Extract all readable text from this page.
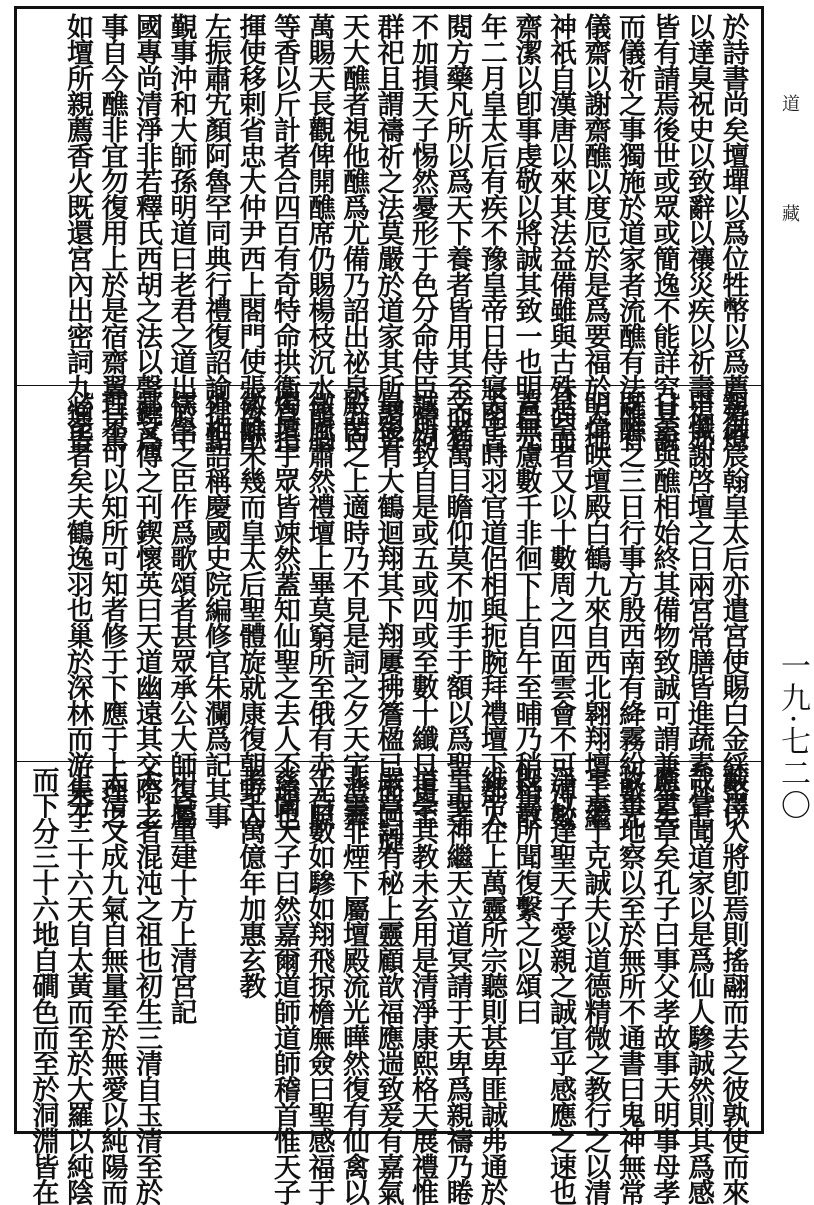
於詩書尚矣壇墠以爲位牲幣以爲薦羞燎
以達臭祝史以致辭以禳災疾以祈壽福亦
皆有請焉後世或眾或簡逸不能詳究其說
而儀祈之事獨施於道家者流醮有法醮有
儀齋以謝齋醮以度厄於是爲要福於天地
神祇自漢唐以來其法益備雖與古殊尚而
齋潔以卽事虔敬以將誠其致一也明昌元
年二月皇太后有疾不豫皇帝日侍寢閣旨
閱方藥凡所以爲天下養者皆用其至而猶
不加損天子惕然憂形于色分命侍臣禱祠
群祀且謂禱祈之法莫嚴於道家其所謂普
天大醮者視他醮爲尤備乃詔出祕泉五百
萬賜天長觀俾開醮席仍賜楊枝沉水龍腦
等香以斤計者合四百有奇特命拱衞直指
揮使移剌省忠大仲尹西上閤門使張汝猷
左振肅宄顏阿魯罕同典行禮復詔諭提點
覲事沖和大師孫明道曰老君之道出於中
國專尚清淨非若釋氏西胡之法以聲鐃爲
事自今醮非宜勿復用上於是宿齋翼日駕
如壇所親薦香火既還宮內出密詞九通皆
親御宸翰皇太后亦遣宮使賜白金綵幣以
申懺謝啓壇之日兩宮常膳皆進蔬素凡七
日蓋與醮相始終其備物致誠可謂兼舉矣
既醮之三日行事方殷西南有絳霧紛數光
明煒映壇殿白鶴九來自西北翱翔壇上繼
是至者又以十數周之四面雲會不可殫數
蓋無慮數千非徊下上自午至晡乃稍稍散
去于時羽官道侶相與扼腕拜禮壇下都人
父老萬目瞻仰莫不加手于額以爲聖上孝
誠所致自是或五或四或至數十纖日更至
最後有大鶴迴翔其下翔屢拂簷楹已而回旋
殿閣之上適時乃不見是詞之夕天宇澄霽
微風肅然禮壇上畢莫窮所至俄有赤光照
燭壇宇眾皆竦然蓋知仙聖之去人不遠也
徽醮未幾而皇太后聖體旋就康復朝野內
外相語稱慶國史院編修官朱瀾爲記其事
儒學之臣作爲歌頌者甚眾承公大師復屬
鄙文傳之刊鍥懷英曰天道幽遠其交際之
理不可以知所可知者修于下應于上理之
必至者矣夫鶴逸羽也巢於深林而游集于
藪澤人將卽焉則搖翮而去之彼孰使而來
哉嘗聞道家以是爲仙人驂誠然則其爲感
應章章矣孔子曰事父孝故事天明事母孝
故事地察以至於無所不通書曰鬼神無常
享享于克誠夫以道德精微之教行之以清
淨以達聖天子愛親之誠宜乎感應之速也
既書所聞復繫之以頌曰
維帝在上萬靈所宗聽則甚卑匪誠弗通於
皇聖神繼天立道冥請于天卑爲親禱乃睠
道學其教未玄用是清淨康熙格天展禮惟
嚴章詞有秘上靈顧歆福應遄致爰有嘉氣
非雲非煙下屬壇殿流光曄然復有仙禽以
千百數如驂如翔飛掠檐廡僉曰聖感福于
慈闈天子曰然嘉爾道師道師稽首惟天子
孝千萬億年加惠玄教
中京重建十方上清宮記
太上者混沌之祖也初生三清自玉清至於
太清又成九氣自無量至於無愛以純陽而
上分三十六天自太黃而至於大羅以純陰
而下分三十六地自磵色而至於洞淵皆在
道
藏
一九·七二〇
